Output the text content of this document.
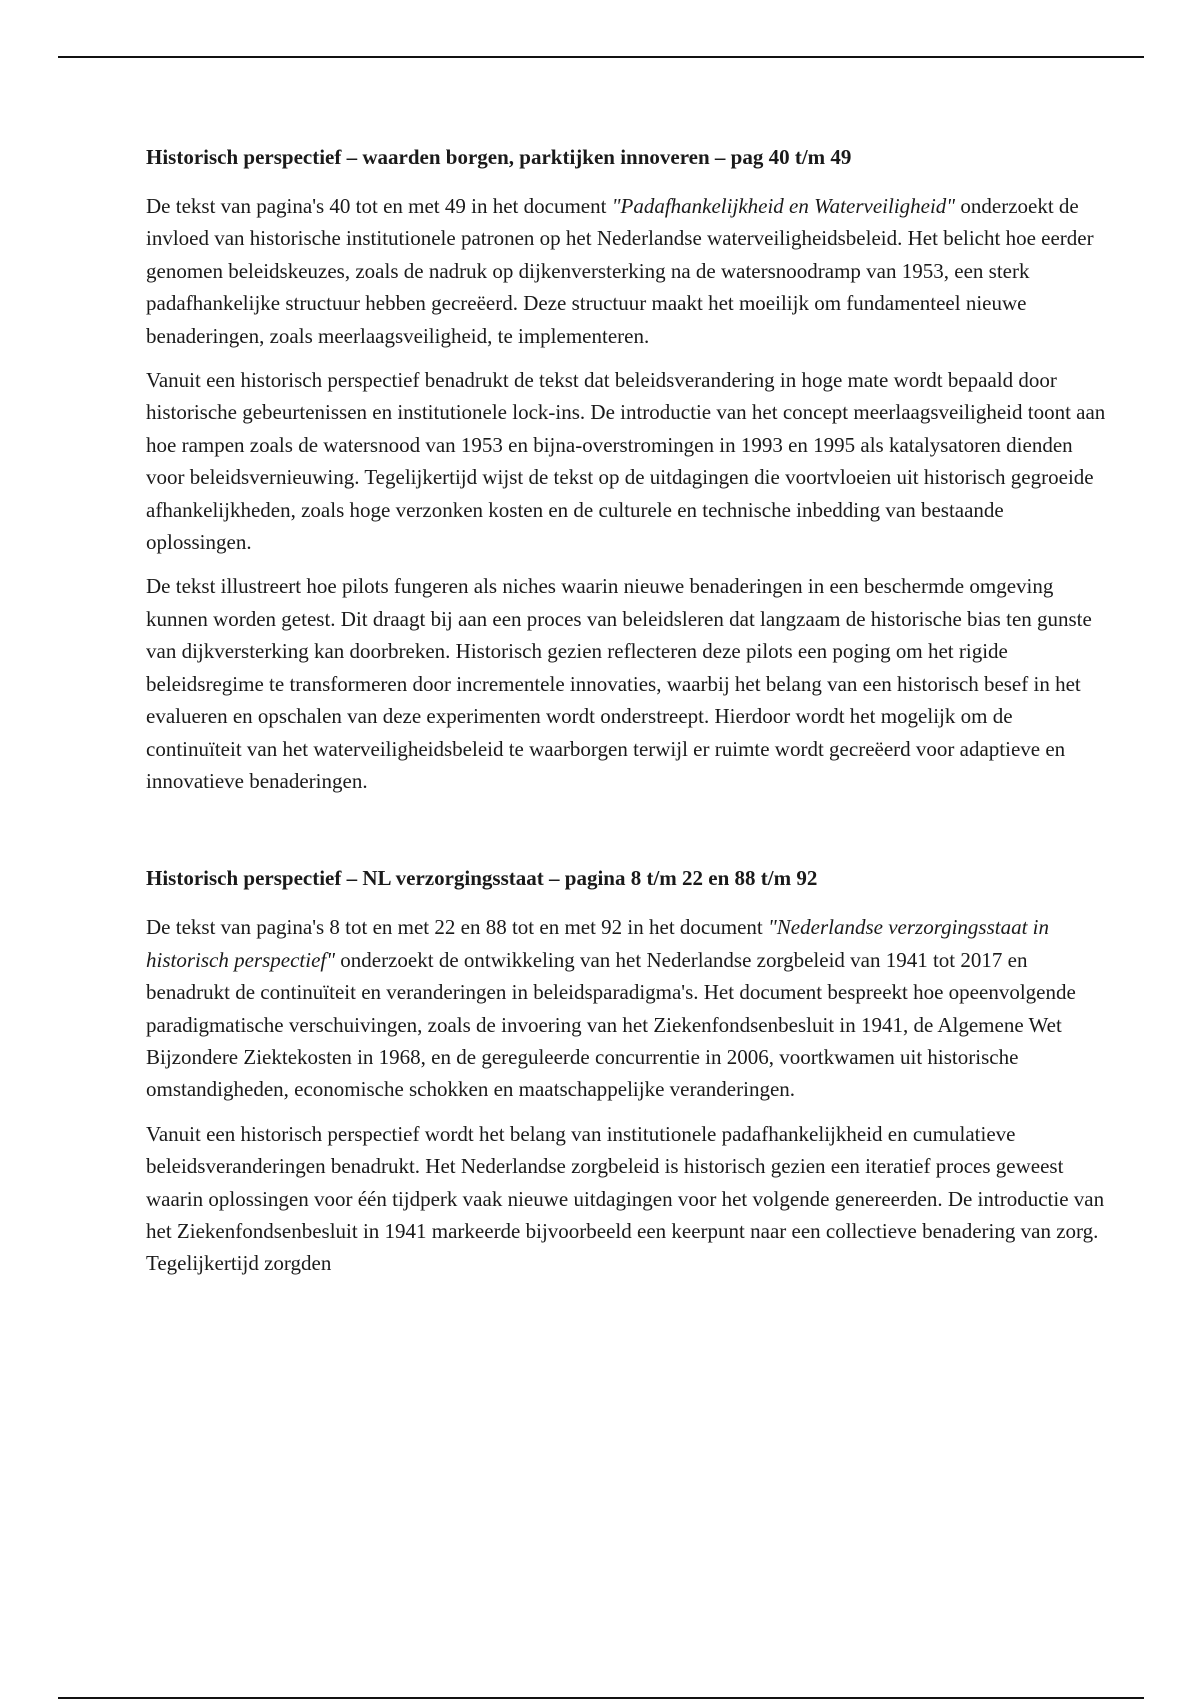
Historisch perspectief – waarden borgen, parktijken innoveren – pag 40 t/m 49

De tekst van pagina's 40 tot en met 49 in het document "Padafhankelijkheid en Waterveiligheid" onderzoekt de invloed van historische institutionele patronen op het Nederlandse waterveiligheidsbeleid. Het belicht hoe eerder genomen beleidskeuzes, zoals de nadruk op dijkenversterking na de watersnoodramp van 1953, een sterk padafhankelijke structuur hebben gecreëerd. Deze structuur maakt het moeilijk om fundamenteel nieuwe benaderingen, zoals meerlaagsveiligheid, te implementeren.

Vanuit een historisch perspectief benadrukt de tekst dat beleidsverandering in hoge mate wordt bepaald door historische gebeurtenissen en institutionele lock-ins. De introductie van het concept meerlaagsveiligheid toont aan hoe rampen zoals de watersnood van 1953 en bijna-overstromingen in 1993 en 1995 als katalysatoren dienden voor beleidsvernieuwing. Tegelijkertijd wijst de tekst op de uitdagingen die voortvloeien uit historisch gegroeide afhankelijkheden, zoals hoge verzonken kosten en de culturele en technische inbedding van bestaande oplossingen.

De tekst illustreert hoe pilots fungeren als niches waarin nieuwe benaderingen in een beschermde omgeving kunnen worden getest. Dit draagt bij aan een proces van beleidsleren dat langzaam de historische bias ten gunste van dijkversterking kan doorbreken. Historisch gezien reflecteren deze pilots een poging om het rigide beleidsregime te transformeren door incrementele innovaties, waarbij het belang van een historisch besef in het evalueren en opschalen van deze experimenten wordt onderstreept. Hierdoor wordt het mogelijk om de continuïteit van het waterveiligheidsbeleid te waarborgen terwijl er ruimte wordt gecreëerd voor adaptieve en innovatieve benaderingen.

Historisch perspectief – NL verzorgingsstaat – pagina 8 t/m 22 en 88 t/m 92

De tekst van pagina's 8 tot en met 22 en 88 tot en met 92 in het document "Nederlandse verzorgingsstaat in historisch perspectief" onderzoekt de ontwikkeling van het Nederlandse zorgbeleid van 1941 tot 2017 en benadrukt de continuïteit en veranderingen in beleidsparadigma's. Het document bespreekt hoe opeenvolgende paradigmatische verschuivingen, zoals de invoering van het Ziekenfondsenbesluit in 1941, de Algemene Wet Bijzondere Ziektekosten in 1968, en de gereguleerde concurrentie in 2006, voortkwamen uit historische omstandigheden, economische schokken en maatschappelijke veranderingen.

Vanuit een historisch perspectief wordt het belang van institutionele padafhankelijkheid en cumulatieve beleidsveranderingen benadrukt. Het Nederlandse zorgbeleid is historisch gezien een iteratief proces geweest waarin oplossingen voor één tijdperk vaak nieuwe uitdagingen voor het volgende genereerden. De introductie van het Ziekenfondsenbesluit in 1941 markeerde bijvoorbeeld een keerpunt naar een collectieve benadering van zorg. Tegelijkertijd zorgden
